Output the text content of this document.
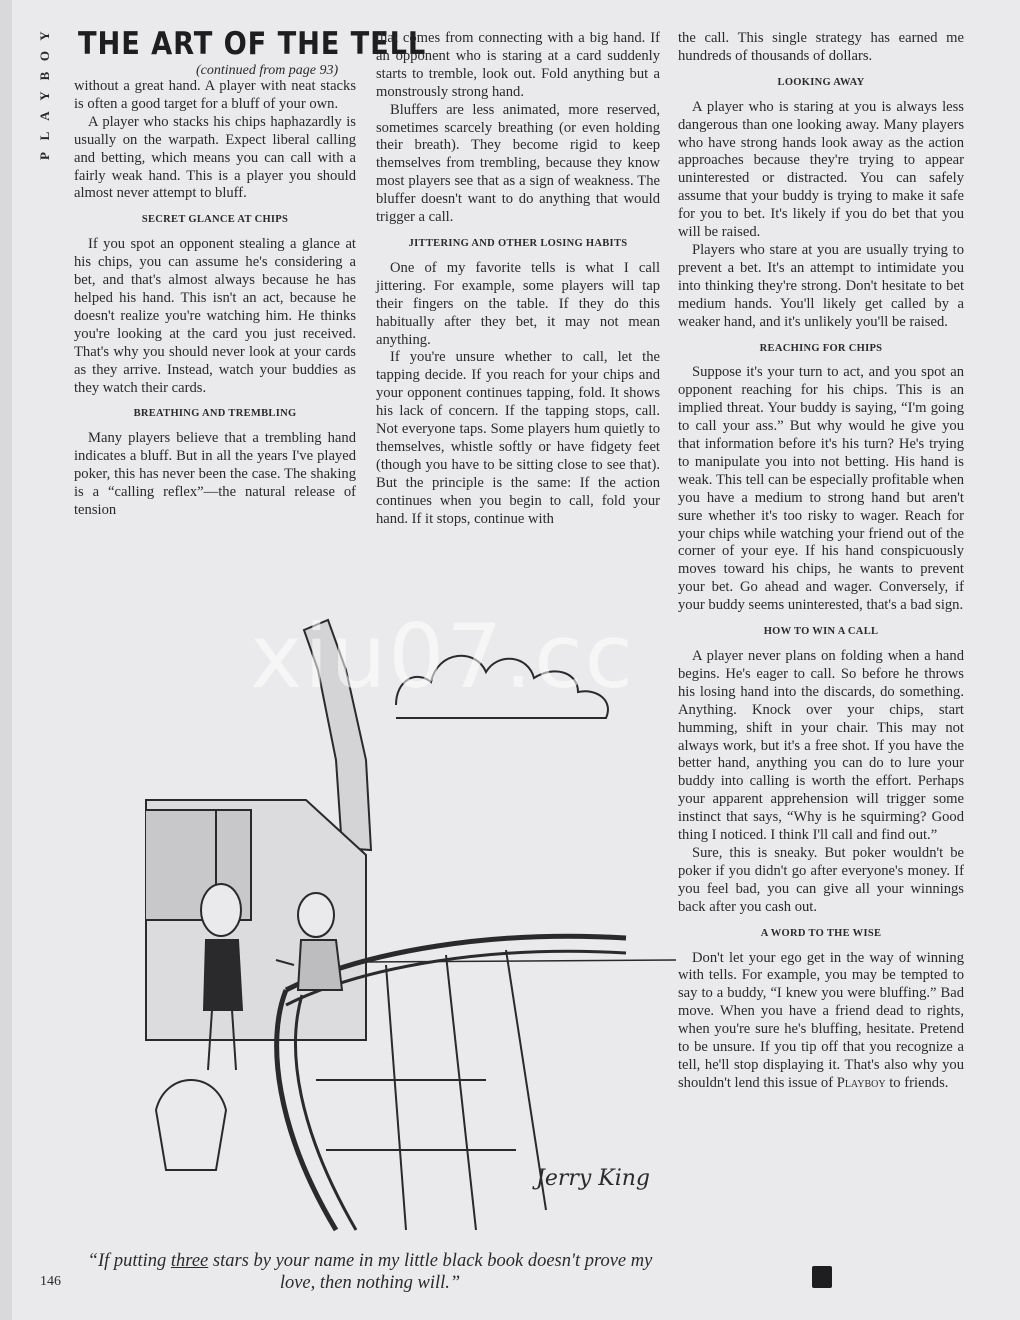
Y
O
B
Y
A
L
P
THE ART OF THE TELL
(continued from page 93)

without a great hand. A player with neat stacks is often a good target for a bluff of your own.

A player who stacks his chips haphazardly is usually on the warpath. Expect liberal calling and betting, which means you can call with a fairly weak hand. This is a player you should almost never attempt to bluff.

SECRET GLANCE AT CHIPS

If you spot an opponent stealing a glance at his chips, you can assume he's considering a bet, and that's almost always because he has helped his hand. This isn't an act, because he doesn't realize you're watching him. He thinks you're looking at the card you just received. That's why you should never look at your cards as they arrive. Instead, watch your buddies as they watch their cards.

BREATHING AND TREMBLING

Many players believe that a trembling hand indicates a bluff. But in all the years I've played poker, this has never been the case. The shaking is a “calling reflex”—the natural release of tension

that comes from connecting with a big hand. If an opponent who is staring at a card suddenly starts to tremble, look out. Fold anything but a monstrously strong hand.

Bluffers are less animated, more reserved, sometimes scarcely breathing (or even holding their breath). They become rigid to keep themselves from trembling, because they know most players see that as a sign of weakness. The bluffer doesn't want to do anything that would trigger a call.

JITTERING AND OTHER LOSING HABITS

One of my favorite tells is what I call jittering. For example, some players will tap their fingers on the table. If they do this habitually after they bet, it may not mean anything.

If you're unsure whether to call, let the tapping decide. If you reach for your chips and your opponent continues tapping, fold. It shows his lack of concern. If the tapping stops, call. Not everyone taps. Some players hum quietly to themselves, whistle softly or have fidgety feet (though you have to be sitting close to see that). But the principle is the same: If the action continues when you begin to call, fold your hand. If it stops, continue with

the call. This single strategy has earned me hundreds of thousands of dollars.

LOOKING AWAY

A player who is staring at you is always less dangerous than one looking away. Many players who have strong hands look away as the action approaches because they're trying to appear uninterested or distracted. You can safely assume that your buddy is trying to make it safe for you to bet. It's likely if you do bet that you will be raised.

Players who stare at you are usually trying to prevent a bet. It's an attempt to intimidate you into thinking they're strong. Don't hesitate to bet medium hands. You'll likely get called by a weaker hand, and it's unlikely you'll be raised.

REACHING FOR CHIPS

Suppose it's your turn to act, and you spot an opponent reaching for his chips. This is an implied threat. Your buddy is saying, “I'm going to call your ass.” But why would he give you that information before it's his turn? He's trying to manipulate you into not betting. His hand is weak. This tell can be especially profitable when you have a medium to strong hand but aren't sure whether it's too risky to wager. Reach for your chips while watching your friend out of the corner of your eye. If his hand conspicuously moves toward his chips, he wants to prevent your bet. Go ahead and wager. Conversely, if your buddy seems uninterested, that's a bad sign.

HOW TO WIN A CALL

A player never plans on folding when a hand begins. He's eager to call. So before he throws his losing hand into the discards, do something. Anything. Knock over your chips, start humming, shift in your chair. This may not always work, but it's a free shot. If you have the better hand, anything you can do to lure your buddy into calling is worth the effort. Perhaps your apparent apprehension will trigger some instinct that says, “Why is he squirming? Good thing I noticed. I think I'll call and find out.”

Sure, this is sneaky. But poker wouldn't be poker if you didn't go after everyone's money. If you feel bad, you can give all your winnings back after you cash out.

A WORD TO THE WISE

Don't let your ego get in the way of winning with tells. For example, you may be tempted to say to a buddy, “I knew you were bluffing.” Bad move. When you have a friend dead to rights, when you're sure he's bluffing, hesitate. Pretend to be unsure. If you tip off that you recognize a tell, he'll stop displaying it. That's also why you shouldn't lend this issue of Playboy to friends.

Jerry King
xiu07.cc
“If putting three stars by your name in my little black book doesn't prove my love, then nothing will.”
146
